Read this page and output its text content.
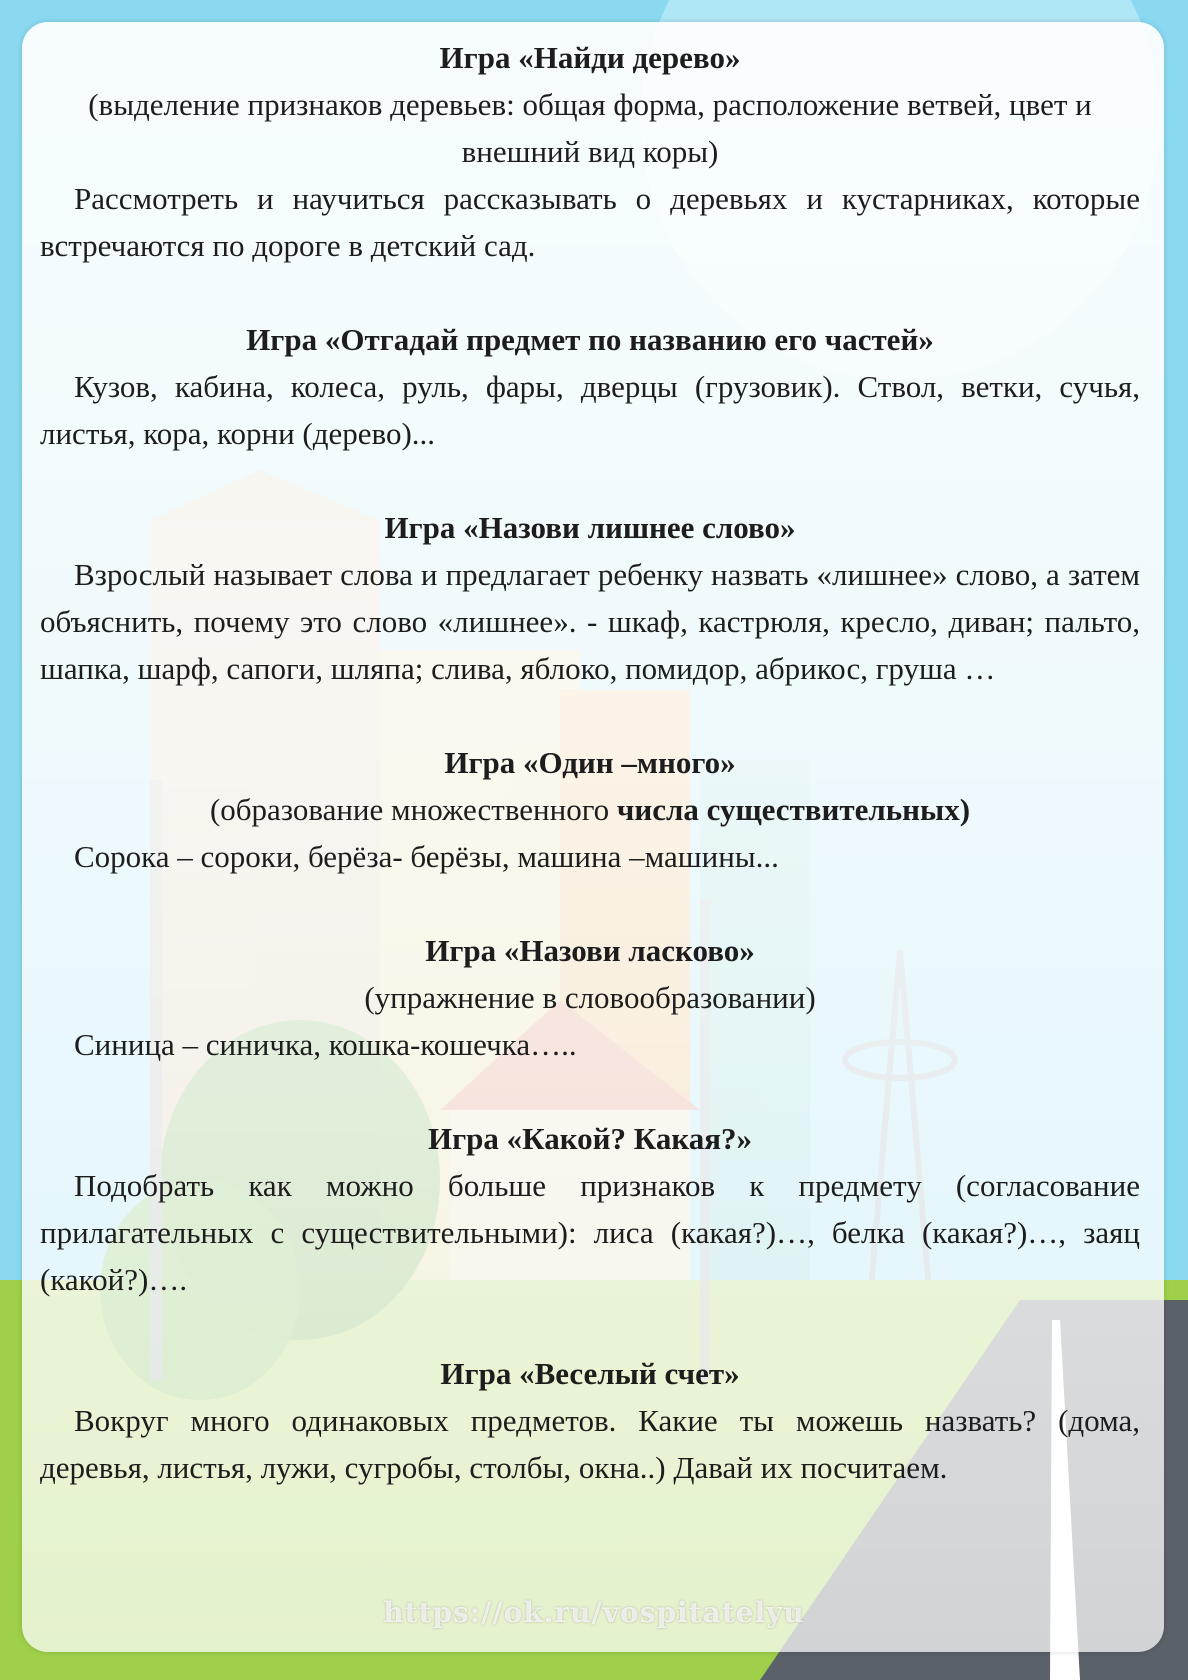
Игра «Найди дерево»

(выделение признаков деревьев: общая форма, расположение ветвей, цвет и внешний вид коры)

Рассмотреть и научиться рассказывать о деревьях и кустарниках, которые встречаются по дороге в детский сад.

Игра «Отгадай предмет по названию его частей»

Кузов, кабина, колеса, руль, фары, дверцы (грузовик). Ствол, ветки, сучья, листья, кора, корни (дерево)...

Игра «Назови лишнее слово»

Взрослый называет слова и предлагает ребенку назвать «лишнее» слово, а затем объяснить, почему это слово «лишнее». - шкаф, кастрюля, кресло, диван; пальто, шапка, шарф, сапоги, шляпа; слива, яблоко, помидор, абрикос, груша …

Игра «Один –много»

(образование множественного числа существительных)

Сорока – сороки, берёза- берёзы, машина –машины...

Игра «Назови ласково»

(упражнение в словообразовании)

Синица – синичка, кошка-кошечка…..

Игра «Какой? Какая?»

Подобрать как можно больше признаков к предмету (согласование прилагательных с существительными): лиса (какая?)…, белка (какая?)…, заяц (какой?)….

Игра «Веселый счет»

Вокруг много одинаковых предметов. Какие ты можешь назвать? (дома, деревья, листья, лужи, сугробы, столбы, окна..) Давай их посчитаем.

https://ok.ru/vospitatelyu
